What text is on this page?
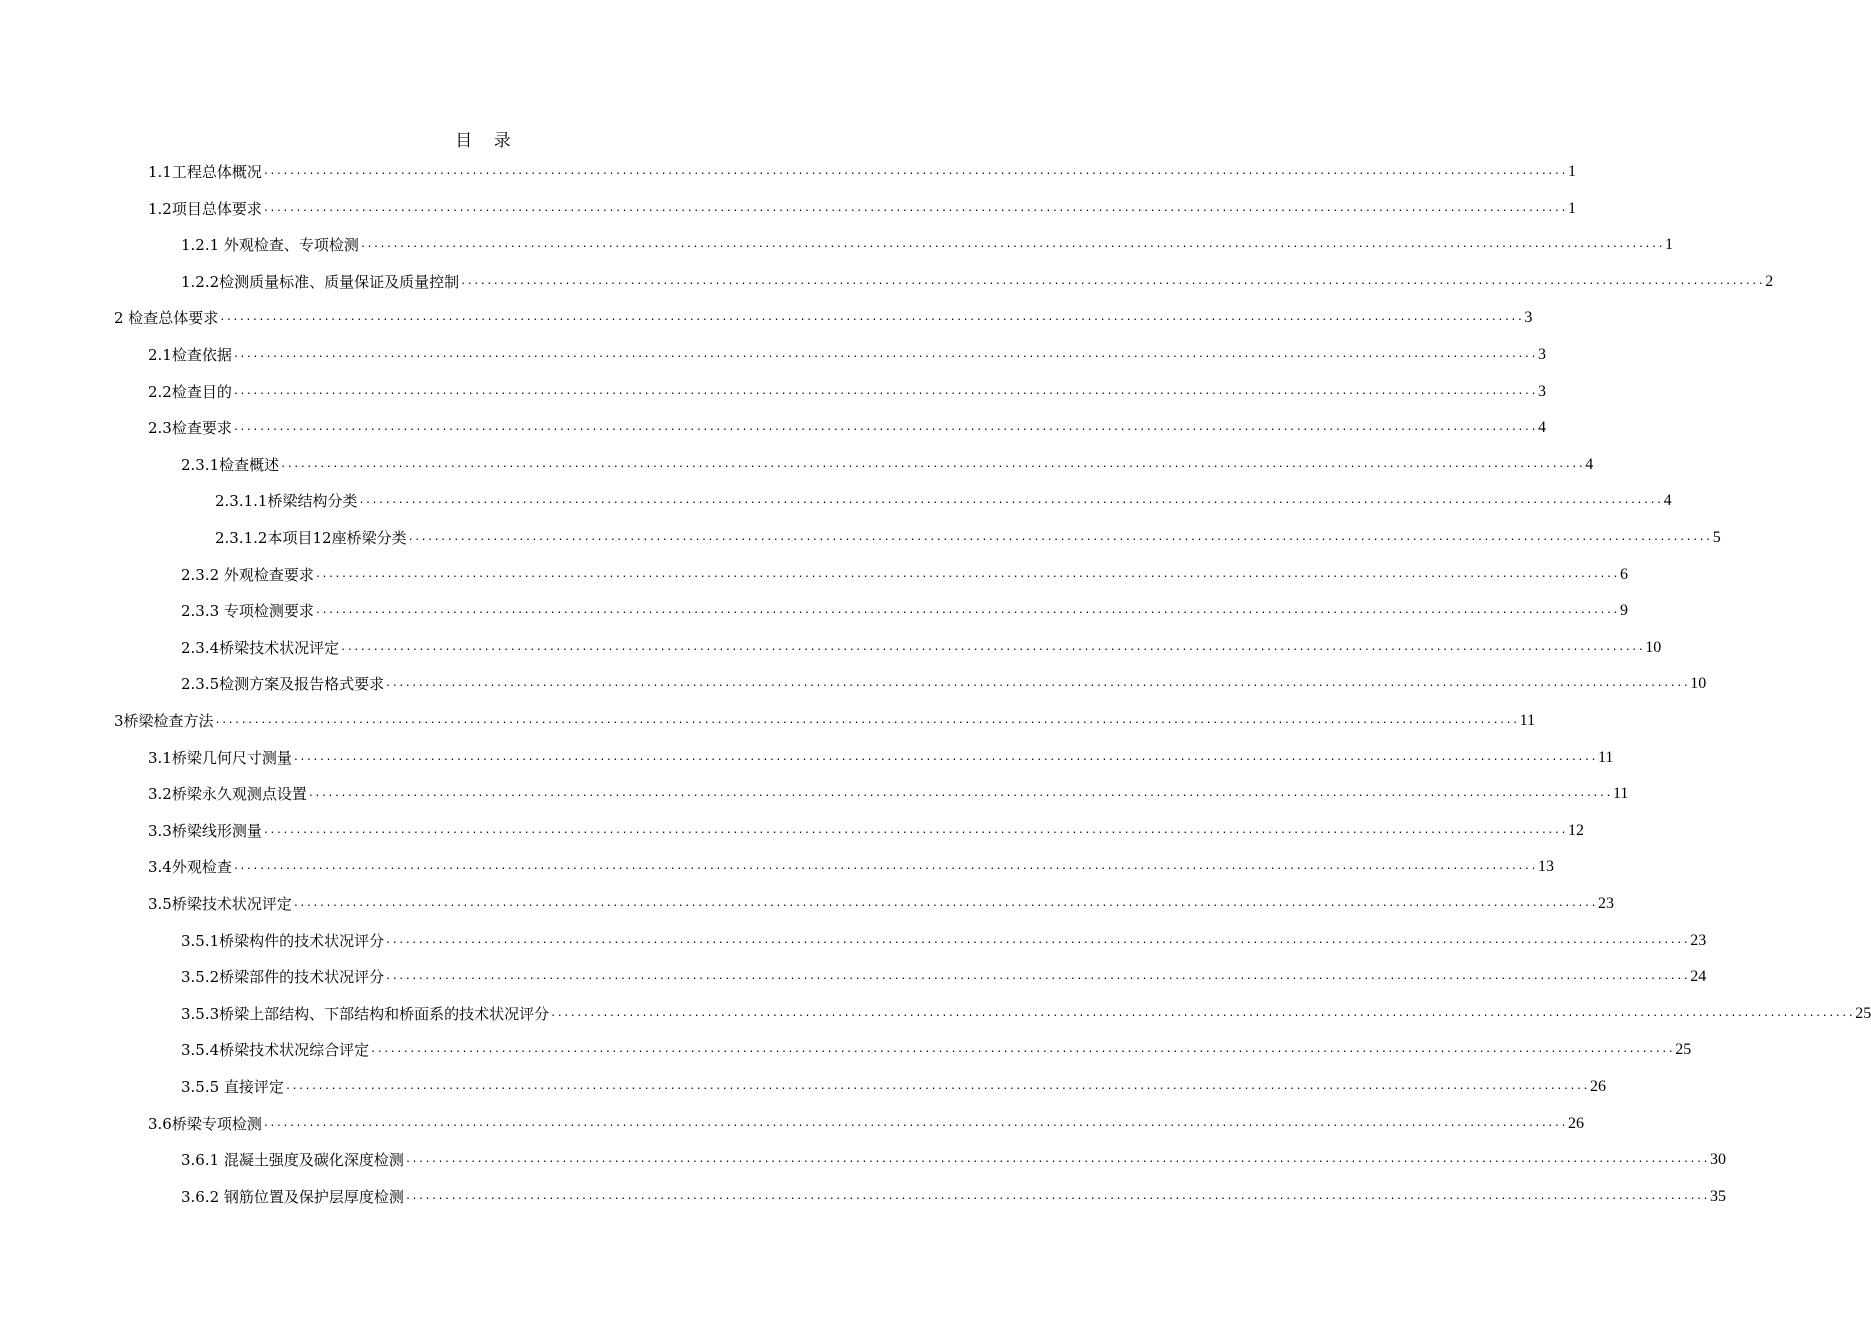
目 录
1.1工程总体概况 ........................................................................................................................................................................................................ 1
1.2项目总体要求 ........................................................................................................................................................................................................ 1
1.2.1 外观检查、专项检测 ........................................................................................................................................................................................................ 1
1.2.2检测质量标准、质量保证及质量控制 ........................................................................................................................................................................................................ 2
2 检查总体要求 ........................................................................................................................................................................................................ 3
2.1检查依据 ........................................................................................................................................................................................................ 3
2.2检查目的 ........................................................................................................................................................................................................ 3
2.3检查要求 ........................................................................................................................................................................................................ 4
2.3.1检查概述 ........................................................................................................................................................................................................ 4
2.3.1.1桥梁结构分类 ........................................................................................................................................................................................................ 4
2.3.1.2本项目12座桥梁分类 ........................................................................................................................................................................................................ 5
2.3.2 外观检查要求 ........................................................................................................................................................................................................ 6
2.3.3 专项检测要求 ........................................................................................................................................................................................................ 9
2.3.4桥梁技术状况评定 ........................................................................................................................................................................................................ 10
2.3.5检测方案及报告格式要求 ........................................................................................................................................................................................................ 10
3桥梁检查方法 ........................................................................................................................................................................................................ 11
3.1桥梁几何尺寸测量 ........................................................................................................................................................................................................ 11
3.2桥梁永久观测点设置 ........................................................................................................................................................................................................ 11
3.3桥梁线形测量 ........................................................................................................................................................................................................ 12
3.4外观检查 ........................................................................................................................................................................................................ 13
3.5桥梁技术状况评定 ........................................................................................................................................................................................................ 23
3.5.1桥梁构件的技术状况评分 ........................................................................................................................................................................................................ 23
3.5.2桥梁部件的技术状况评分 ........................................................................................................................................................................................................ 24
3.5.3桥梁上部结构、下部结构和桥面系的技术状况评分 ........................................................................................................................................................................................................ 25
3.5.4桥梁技术状况综合评定 ........................................................................................................................................................................................................ 25
3.5.5 直接评定 ........................................................................................................................................................................................................ 26
3.6桥梁专项检测 ........................................................................................................................................................................................................ 26
3.6.1 混凝土强度及碳化深度检测 ........................................................................................................................................................................................................ 30
3.6.2 钢筋位置及保护层厚度检测 ........................................................................................................................................................................................................ 35
